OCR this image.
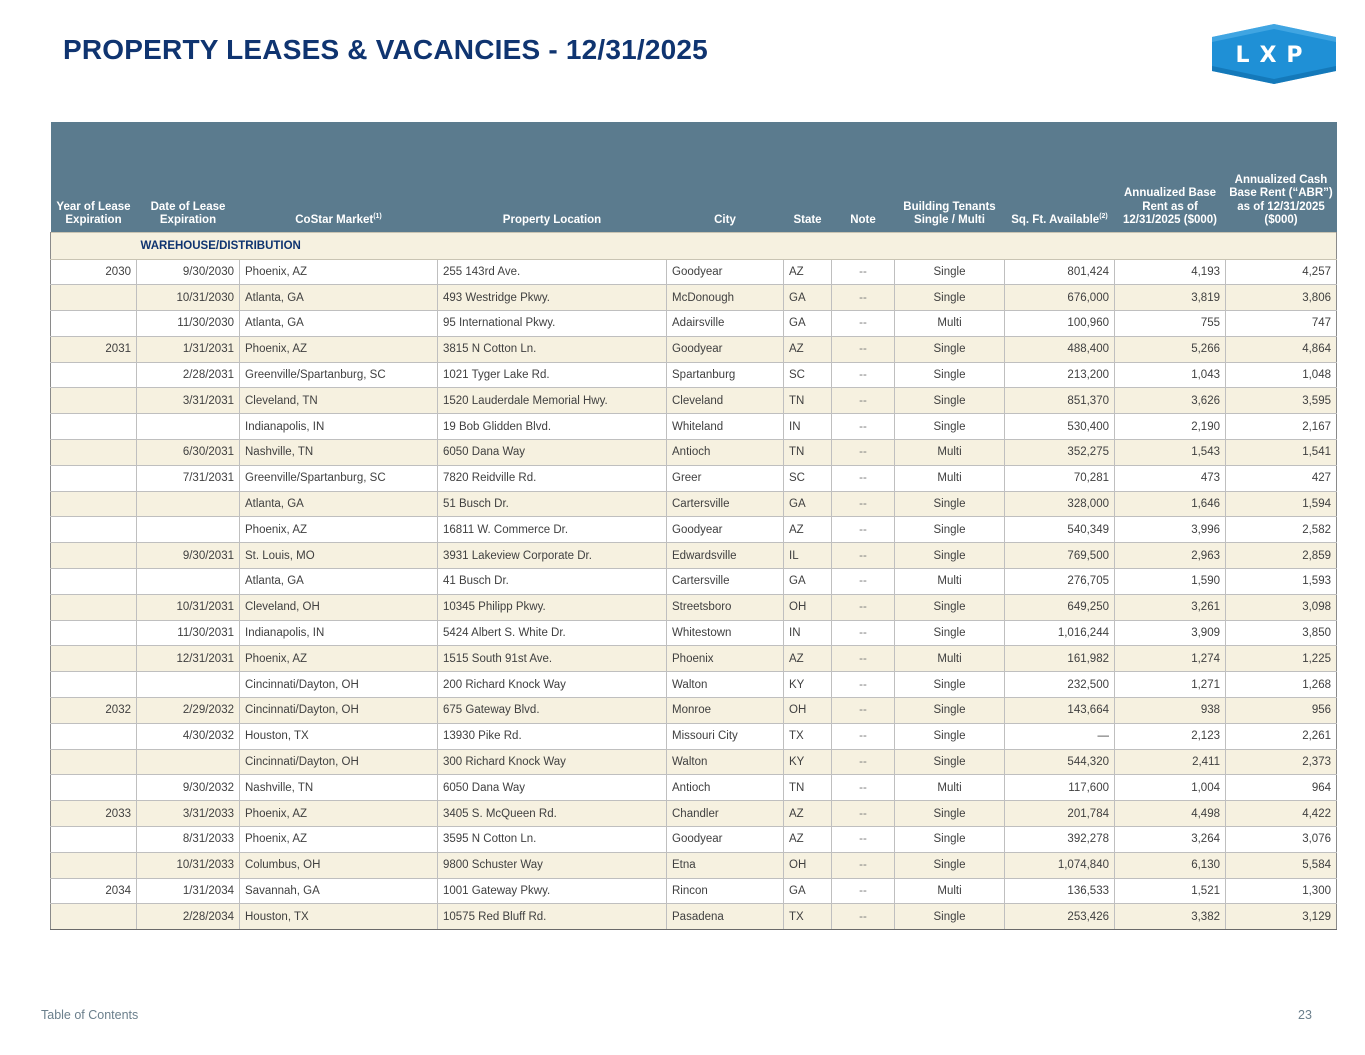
PROPERTY LEASES & VACANCIES - 12/31/2025	LXP
Year of Lease Expiration	Date of Lease Expiration	CoStar Market$^{(1)}$	Property Location	City	State	Note	Building Tenants Single / Multi	Sq. Ft. Available$^{(2)}$	Annualized Base Rent as of 12/31/2025 ($000)	Annualized Cash Base Rent (“ABR”) as of 12/31/2025 ($000)
	WAREHOUSE/DISTRIBUTION									
2030	9/30/2030	Phoenix, AZ	255 143rd Ave.	Goodyear	AZ	--	Single	801,424	4,193	4,257
	10/31/2030	Atlanta, GA	493 Westridge Pkwy.	McDonough	GA	--	Single	676,000	3,819	3,806
	11/30/2030	Atlanta, GA	95 International Pkwy.	Adairsville	GA	--	Multi	100,960	755	747
2031	1/31/2031	Phoenix, AZ	3815 N Cotton Ln.	Goodyear	AZ	--	Single	488,400	5,266	4,864
	2/28/2031	Greenville/Spartanburg, SC	1021 Tyger Lake Rd.	Spartanburg	SC	--	Single	213,200	1,043	1,048
	3/31/2031	Cleveland, TN	1520 Lauderdale Memorial Hwy.	Cleveland	TN	--	Single	851,370	3,626	3,595
		Indianapolis, IN	19 Bob Glidden Blvd.	Whiteland	IN	--	Single	530,400	2,190	2,167
	6/30/2031	Nashville, TN	6050 Dana Way	Antioch	TN	--	Multi	352,275	1,543	1,541
	7/31/2031	Greenville/Spartanburg, SC	7820 Reidville Rd.	Greer	SC	--	Multi	70,281	473	427
		Atlanta, GA	51 Busch Dr.	Cartersville	GA	--	Single	328,000	1,646	1,594
		Phoenix, AZ	16811 W. Commerce Dr.	Goodyear	AZ	--	Single	540,349	3,996	2,582
	9/30/2031	St. Louis, MO	3931 Lakeview Corporate Dr.	Edwardsville	IL	--	Single	769,500	2,963	2,859
		Atlanta, GA	41 Busch Dr.	Cartersville	GA	--	Multi	276,705	1,590	1,593
	10/31/2031	Cleveland, OH	10345 Philipp Pkwy.	Streetsboro	OH	--	Single	649,250	3,261	3,098
	11/30/2031	Indianapolis, IN	5424 Albert S. White Dr.	Whitestown	IN	--	Single	1,016,244	3,909	3,850
	12/31/2031	Phoenix, AZ	1515 South 91st Ave.	Phoenix	AZ	--	Multi	161,982	1,274	1,225
		Cincinnati/Dayton, OH	200 Richard Knock Way	Walton	KY	--	Single	232,500	1,271	1,268
2032	2/29/2032	Cincinnati/Dayton, OH	675 Gateway Blvd.	Monroe	OH	--	Single	143,664	938	956
	4/30/2032	Houston, TX	13930 Pike Rd.	Missouri City	TX	--	Single	—	2,123	2,261
		Cincinnati/Dayton, OH	300 Richard Knock Way	Walton	KY	--	Single	544,320	2,411	2,373
	9/30/2032	Nashville, TN	6050 Dana Way	Antioch	TN	--	Multi	117,600	1,004	964
2033	3/31/2033	Phoenix, AZ	3405 S. McQueen Rd.	Chandler	AZ	--	Single	201,784	4,498	4,422
	8/31/2033	Phoenix, AZ	3595 N Cotton Ln.	Goodyear	AZ	--	Single	392,278	3,264	3,076
	10/31/2033	Columbus, OH	9800 Schuster Way	Etna	OH	--	Single	1,074,840	6,130	5,584
2034	1/31/2034	Savannah, GA	1001 Gateway Pkwy.	Rincon	GA	--	Multi	136,533	1,521	1,300
	2/28/2034	Houston, TX	10575 Red Bluff Rd.	Pasadena	TX	--	Single	253,426	3,382	3,129
Table of Contents	23
